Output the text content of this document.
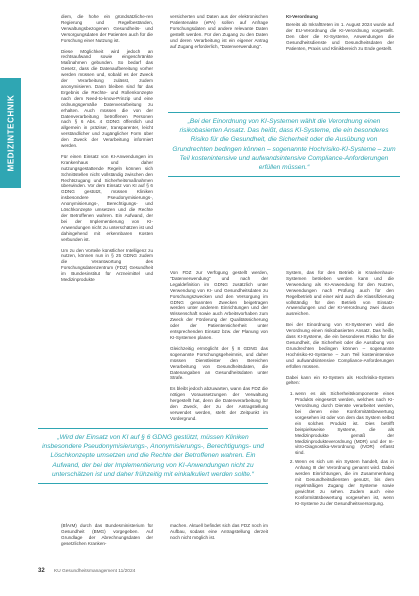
MEDIZINTECHNIK

diem, die hohe ein gründsätzliche-ren Regierung und Regelbeständen, Verwaltungsbezogenen Gesundheits- und Versorgungsdaten der Patienten auch für die Forschung einer Nutzung ist.

Diese Möglichkeit wird jedoch an rechtsaufwand sowie eingeschränkte Maßnahmen gebunden. So bedarf das Gesetz, dass die Datenaufbereitung vorher werden müssen und, sobald es der Zweck der Verarbeitung zulässt, zudem anonymisieren. Dann bleiben sind für das Ergebnis die Rechte- und Rollenkonzepte nach dem Need-to-know-Prinzip und eine ordnungsgemäße Datenverarbeitung zu erhalten. Auch müssen die von der Datenverarbeitung betroffenen Personen nach § 6 Abs. 4 GDNG öffentlich und allgemein in präziser, transparenter, leicht verständlicher und zugänglicher Form über den Zweck der Verarbeitung informiert werden.

Für einen Einsatz von KI-Anwendungen im Krankenhaus und daher nutzungsgestattende Regeln können sich Schnittstellen nicht vollständig zwischen den Rechtszugang und Sicherheitsmaßnahmen überwinden. Vor dem Einsatz von KI auf § 6 GDNG gestützt, müssen Kliniken insbesondere Pseudonymisierungs-, Anonymisierungs-, Berechtigungs- und Löschkonzepte umsetzen und die Rechte der Betroffenen wahren. Ein Aufwand, der bei der Implementierung von KI-Anwendungen nicht zu unterschätzen ist und dahingehend mit erkennbaren Kosten verbunden ist.

Um zu den Vorteile künstlicher Intelligenz zu nutzen, können nun in § 25 GDNG zudem die Verantwortung des Forschungsdatenzentrum (FDZ) Gesundheit im Bundesinstitut für Arzneimittel und Medizinprodukte

versicherten und Daten aus der elektronischen Patientenakte (ePA) sollen auf Anfrage Forschungsdaten und andere relevante Daten gestellt werden. Für den Zugang zu den Daten und deren Verarbeitung ist ein eigener Antrag auf Zugang erforderlich, "Datenverwendung".

KI-Verordnung

Bereits ab Inkrafttreten im 1. August 2024 wurde auf der EU-Verordnung die KI-Verordnung vorgestellt. Den über die KI-Systeme, Anwendungen die Gesundheitsdienste und Gesundheitsdaten der Patienten, Praxis und Klinikbereich zu Ende gestellt.

„Bei der Einordnung von KI-Systemen wählt die Verordnung einen risikobasierten Ansatz. Das heißt, dass KI-Systeme, die ein besonderes Risiko für die Gesundheit, die Sicherheit oder die Ausübung von Grundrechten bedingen können – sogenannte Hochrisiko-KI-Systeme – zum Teil kostenintensive und aufwandsintensive Compliance-Anforderungen erfüllen müssen.“

Von FDZ zur Verfügung gestellt werden, "Datenverwendung" und nach der Legaldefinition im GDNG zusätzlich unter Verwendung von KI- und Gesundheitsdaten zu Forschungszwecken und den Versorgung im GDNG genannten Zwecken beigetragen werden unter anderem Einrichtungen und der Wissenschaft sowie auch Arbeitsvorhaben zum Zweck der Förderung der Qualitätssicherung oder der Patientensicherheit unter entsprechenden Einsatz bzw. der Planung von KI-Systemen planen.

Gleichzeitig ermöglicht der § 8 GDNG das sogenannte Forschungsgeheimnis, und daher müssen Dienstleister den Bereichen Verarbeitung von Gesundheitsdaten, die Datenangaben an Gesundheitsdaten unter Strafe.

Es bleibt jedoch abzuwarten, wann das FDZ die nötigen Voraussetzungen der Verwaltung hergestellt hat, denn die Datenverarbeitung für den Zweck, der zu der Antragstellung verwendet werden, steht der Zeitpunkt im Vordergrund.

System, das für den Betrieb in Krankenhaus-Systemen betrieben werden kann und die Verwendung als KI-Anwendung für den Nutzen, Verwendungen nach Prüfung auch für den Regelbetrieb und einer wird auch die Klassifizierung vollständig für den Betrieb von Einsatz-Anwendungen und der KI-Verordnung zwei davon ausreichen.

Bei der Einordnung von KI-Systemen wird die Verordnung einen risikobasierten Ansatz. Das heißt, dass KI-Systeme, die ein besonderes Risiko für die Gesundheit, die Sicherheit oder die Ausübung von Grundrechten bedingen können – sogenannte Hochrisiko-KI-Systeme – zum Teil kostenintensive und aufwandsintensive Compliance-Anforderungen erfüllen müssen.

Dabei kann ein KI-System als Hochrisiko-System gelten:

1. wenn es als Sicherheitskomponente eines Produkts eingesetzt werden, welches nach KI-Verordnung durch Dienste verarbeitet werden, bei denen eine Konformitätsbewertung vorgesehen ist oder von dem das System selbst ein solches Produkt ist. Dies betrifft beispielsweise Systeme, die als Medizinprodukte gemäß der Medizinprodukteverordnung (MDR) und der In-vitro-Diagnostika-Verordnung (IVDR) erfasst sind.
2. Wenn es sich um ein System handelt, das in Anhang III der Verordnung genannt wird. Dabei werden Einrichtungen, die im Zusammenhang mit Gesundheitsdiensten genutzt, bis dem regelmäßigen Zugang der Systeme sowie gewichtet zu sehen. Zudem auch eine Konformitätsbewertung vorgesehen ist, wenn KI-Systeme zu der Gesundheitsversorgung.
„Wird der Einsatz von KI auf § 6 GDNG gestützt, müssen Kliniken insbesondere Pseudonymisierungs-, Anonymisierungs-, Berechtigungs- und Löschkonzepte umsetzen und die Rechte der Betroffenen wahren. Ein Aufwand, der bei der Implementierung von KI-Anwendungen nicht zu unterschätzen ist und daher frühzeitig mit einkalkuliert werden sollte.“

(BfArM) durch das Bundesministerium für Gesundheit (BMG) vorgegeben. Auf Grundlage der Abrechnungsdaten der gesetzlichen Kranken-

machen. Aktuell befindet sich das FDZ noch im Aufbau, sodass eine Antragstellung derzeit noch nicht möglich ist.

32 KU Gesundheitsmanagement 11/2024
